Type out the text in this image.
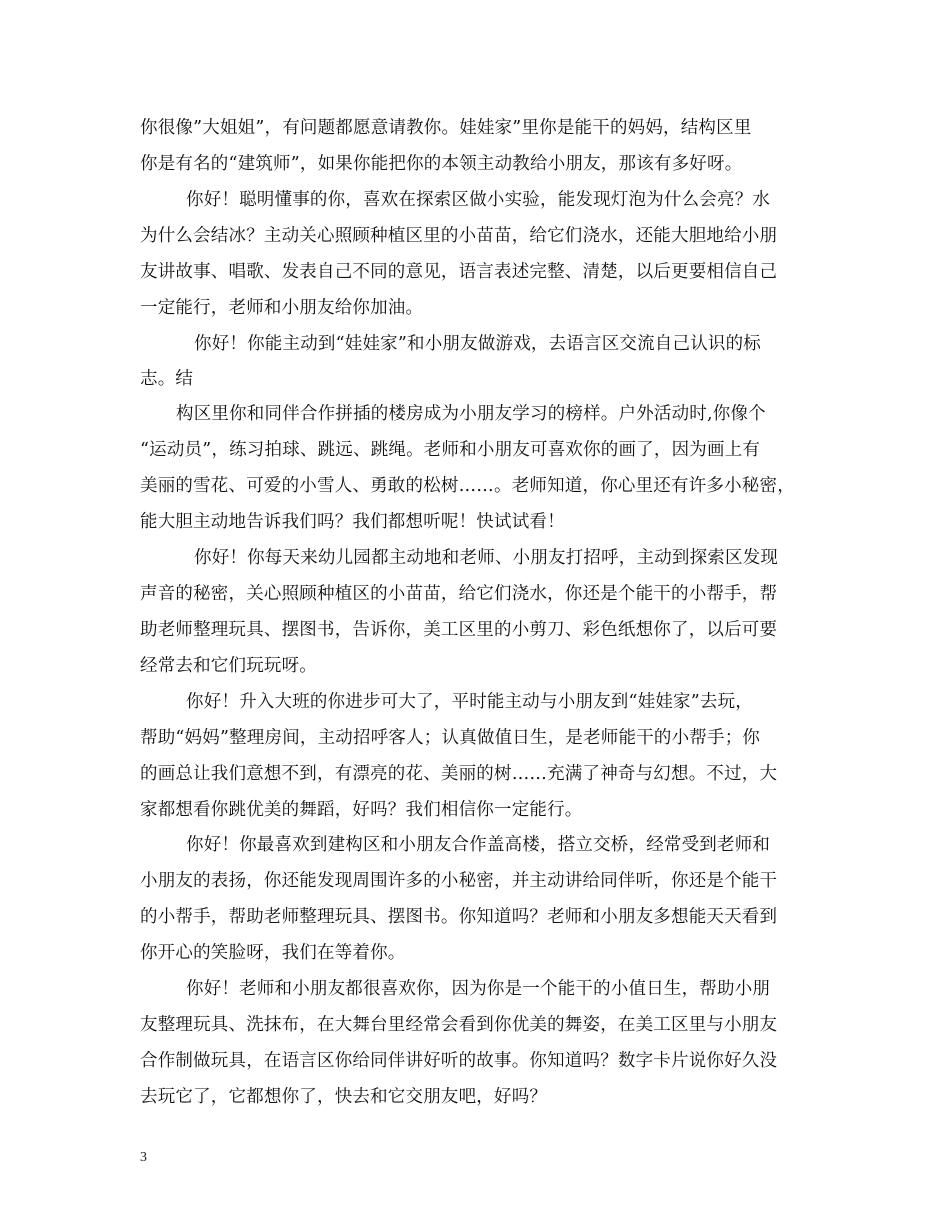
你很像”大姐姐”，有问题都愿意请教你。娃娃家”里你是能干的妈妈，结构区里
你是有名的“建筑师”，如果你能把你的本领主动教给小朋友，那该有多好呀。
你好！聪明懂事的你，喜欢在探索区做小实验，能发现灯泡为什么会亮？水
为什么会结冰？主动关心照顾种植区里的小苗苗，给它们浇水，还能大胆地给小朋
友讲故事、唱歌、发表自己不同的意见，语言表述完整、清楚，以后更要相信自己
一定能行，老师和小朋友给你加油。
你好！你能主动到“娃娃家”和小朋友做游戏，去语言区交流自己认识的标
志。结
构区里你和同伴合作拼插的楼房成为小朋友学习的榜样。户外活动时,你像个
“运动员”，练习拍球、跳远、跳绳。老师和小朋友可喜欢你的画了，因为画上有
美丽的雪花、可爱的小雪人、勇敢的松树……。老师知道，你心里还有许多小秘密，
能大胆主动地告诉我们吗？我们都想听呢！快试试看！
你好！你每天来幼儿园都主动地和老师、小朋友打招呼，主动到探索区发现
声音的秘密，关心照顾种植区的小苗苗，给它们浇水，你还是个能干的小帮手，帮
助老师整理玩具、摆图书，告诉你，美工区里的小剪刀、彩色纸想你了，以后可要
经常去和它们玩玩呀。
你好！升入大班的你进步可大了，平时能主动与小朋友到“娃娃家”去玩，
帮助“妈妈”整理房间，主动招呼客人；认真做值日生，是老师能干的小帮手；你
的画总让我们意想不到，有漂亮的花、美丽的树……充满了神奇与幻想。不过，大
家都想看你跳优美的舞蹈，好吗？我们相信你一定能行。
你好！你最喜欢到建构区和小朋友合作盖高楼，搭立交桥，经常受到老师和
小朋友的表扬，你还能发现周围许多的小秘密，并主动讲给同伴听，你还是个能干
的小帮手，帮助老师整理玩具、摆图书。你知道吗？老师和小朋友多想能天天看到
你开心的笑脸呀，我们在等着你。
你好！老师和小朋友都很喜欢你，因为你是一个能干的小值日生，帮助小朋
友整理玩具、洗抹布，在大舞台里经常会看到你优美的舞姿，在美工区里与小朋友
合作制做玩具，在语言区你给同伴讲好听的故事。你知道吗？数字卡片说你好久没
去玩它了，它都想你了，快去和它交朋友吧，好吗？
3
